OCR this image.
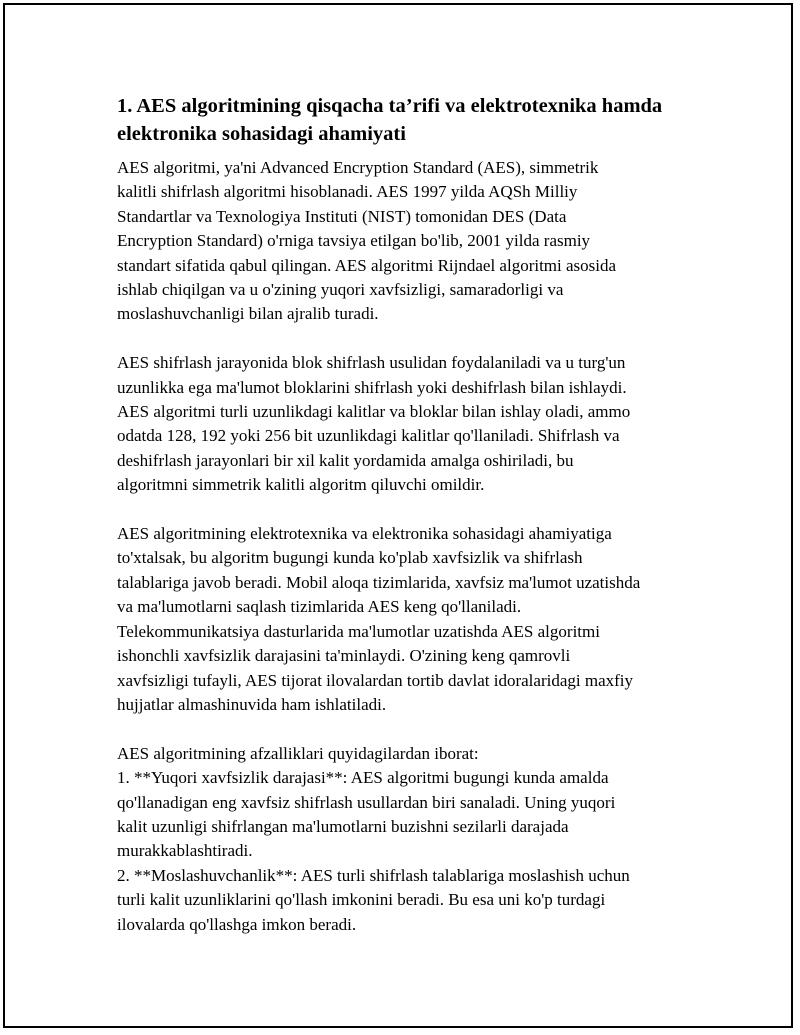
1. AES algoritmining qisqacha ta’rifi va elektrotexnika hamda
elektronika sohasidagi ahamiyati
AES algoritmi, ya'ni Advanced Encryption Standard (AES), simmetrik
kalitli shifrlash algoritmi hisoblanadi. AES 1997 yilda AQSh Milliy
Standartlar va Texnologiya Instituti (NIST) tomonidan DES (Data
Encryption Standard) o'rniga tavsiya etilgan bo'lib, 2001 yilda rasmiy
standart sifatida qabul qilingan. AES algoritmi Rijndael algoritmi asosida
ishlab chiqilgan va u o'zining yuqori xavfsizligi, samaradorligi va
moslashuvchanligi bilan ajralib turadi.
AES shifrlash jarayonida blok shifrlash usulidan foydalaniladi va u turg'un
uzunlikka ega ma'lumot bloklarini shifrlash yoki deshifrlash bilan ishlaydi.
AES algoritmi turli uzunlikdagi kalitlar va bloklar bilan ishlay oladi, ammo
odatda 128, 192 yoki 256 bit uzunlikdagi kalitlar qo'llaniladi. Shifrlash va
deshifrlash jarayonlari bir xil kalit yordamida amalga oshiriladi, bu
algoritmni simmetrik kalitli algoritm qiluvchi omildir.
AES algoritmining elektrotexnika va elektronika sohasidagi ahamiyatiga
to'xtalsak, bu algoritm bugungi kunda ko'plab xavfsizlik va shifrlash
talablariga javob beradi. Mobil aloqa tizimlarida, xavfsiz ma'lumot uzatishda
va ma'lumotlarni saqlash tizimlarida AES keng qo'llaniladi.
Telekommunikatsiya dasturlarida ma'lumotlar uzatishda AES algoritmi
ishonchli xavfsizlik darajasini ta'minlaydi. O'zining keng qamrovli
xavfsizligi tufayli, AES tijorat ilovalardan tortib davlat idoralaridagi maxfiy
hujjatlar almashinuvida ham ishlatiladi.
AES algoritmining afzalliklari quyidagilardan iborat:
1. **Yuqori xavfsizlik darajasi**: AES algoritmi bugungi kunda amalda
qo'llanadigan eng xavfsiz shifrlash usullardan biri sanaladi. Uning yuqori
kalit uzunligi shifrlangan ma'lumotlarni buzishni sezilarli darajada
murakkablashtiradi.
2. **Moslashuvchanlik**: AES turli shifrlash talablariga moslashish uchun
turli kalit uzunliklarini qo'llash imkonini beradi. Bu esa uni ko'p turdagi
ilovalarda qo'llashga imkon beradi.
